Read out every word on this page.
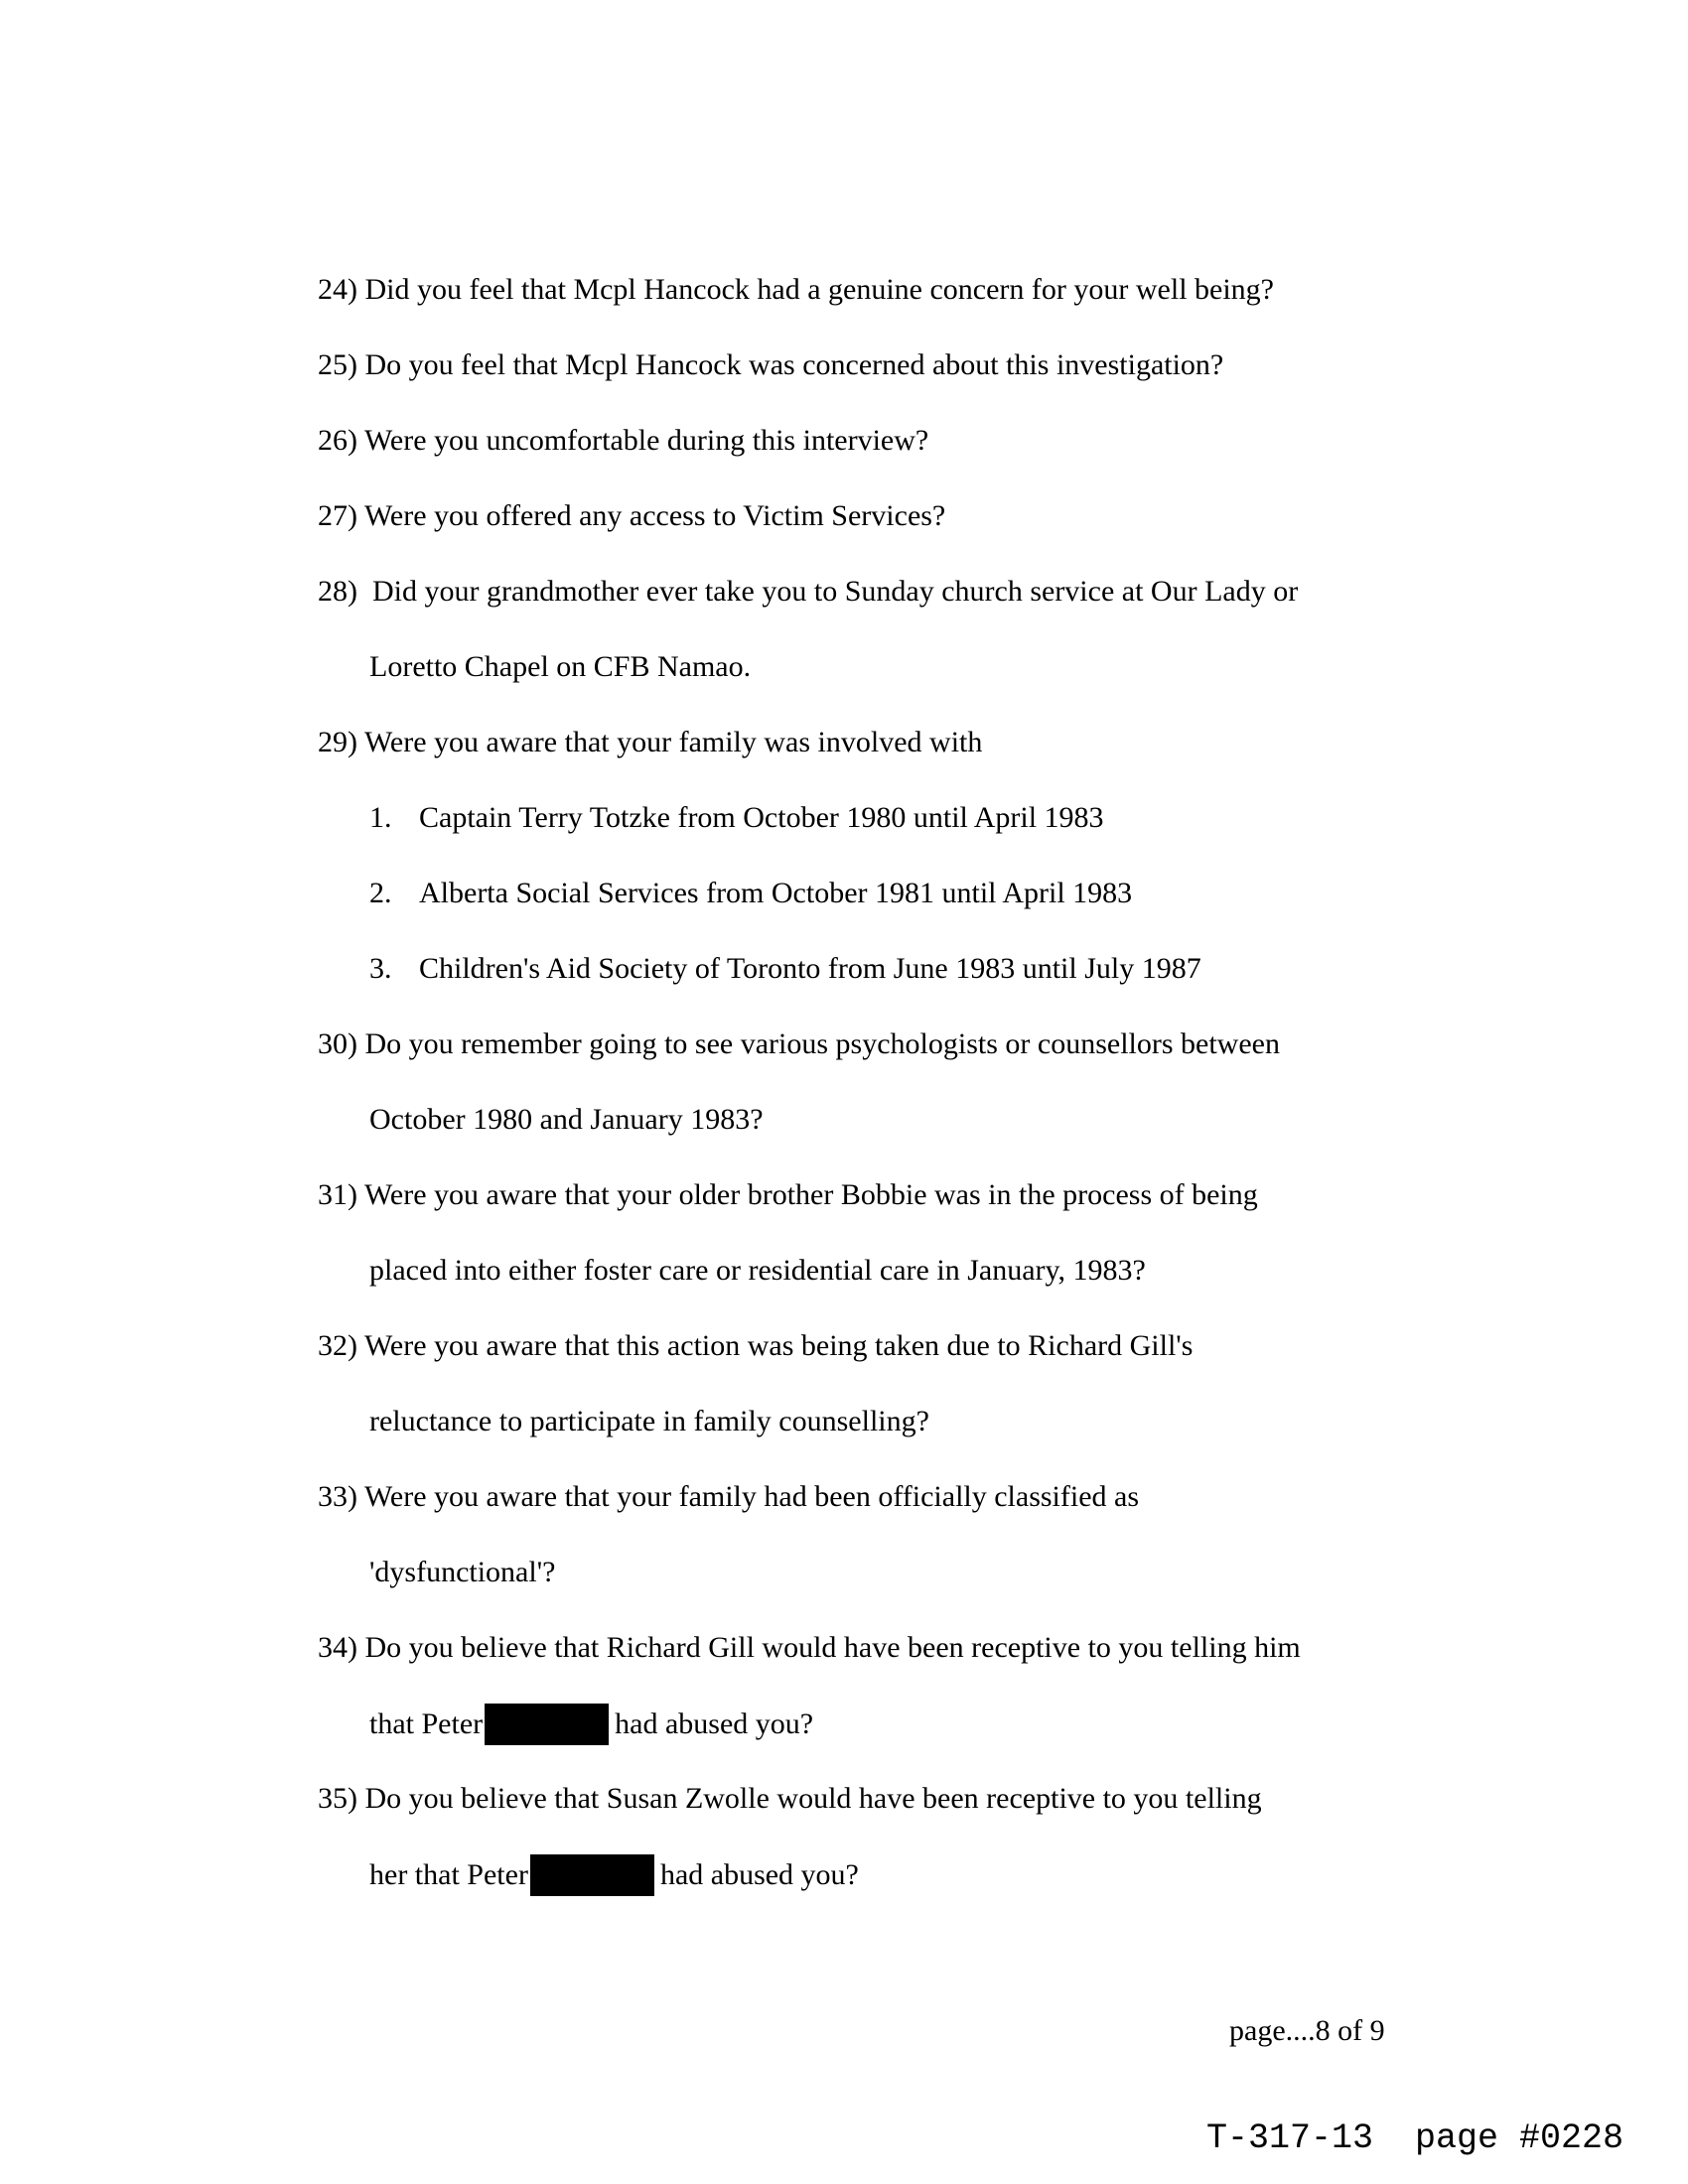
24) Did you feel that Mcpl Hancock had a genuine concern for your well being?
25) Do you feel that Mcpl Hancock was concerned about this investigation?
26) Were you uncomfortable during this interview?
27) Were you offered any access to Victim Services?
28)  Did your grandmother ever take you to Sunday church service at Our Lady or
Loretto Chapel on CFB Namao.
29) Were you aware that your family was involved with
1. Captain Terry Totzke from October 1980 until April 1983
2. Alberta Social Services from October 1981 until April 1983
3. Children's Aid Society of Toronto from June 1983 until July 1987
30) Do you remember going to see various psychologists or counsellors between
October 1980 and January 1983?
31) Were you aware that your older brother Bobbie was in the process of being
placed into either foster care or residential care in January, 1983?
32) Were you aware that this action was being taken due to Richard Gill's
reluctance to participate in family counselling?
33) Were you aware that your family had been officially classified as
'dysfunctional'?
34) Do you believe that Richard Gill would have been receptive to you telling him
that Peter	had abused you?
35) Do you believe that Susan Zwolle would have been receptive to you telling
her that Peter	had abused you?
page....8 of 9
T-317-13  page #0228
